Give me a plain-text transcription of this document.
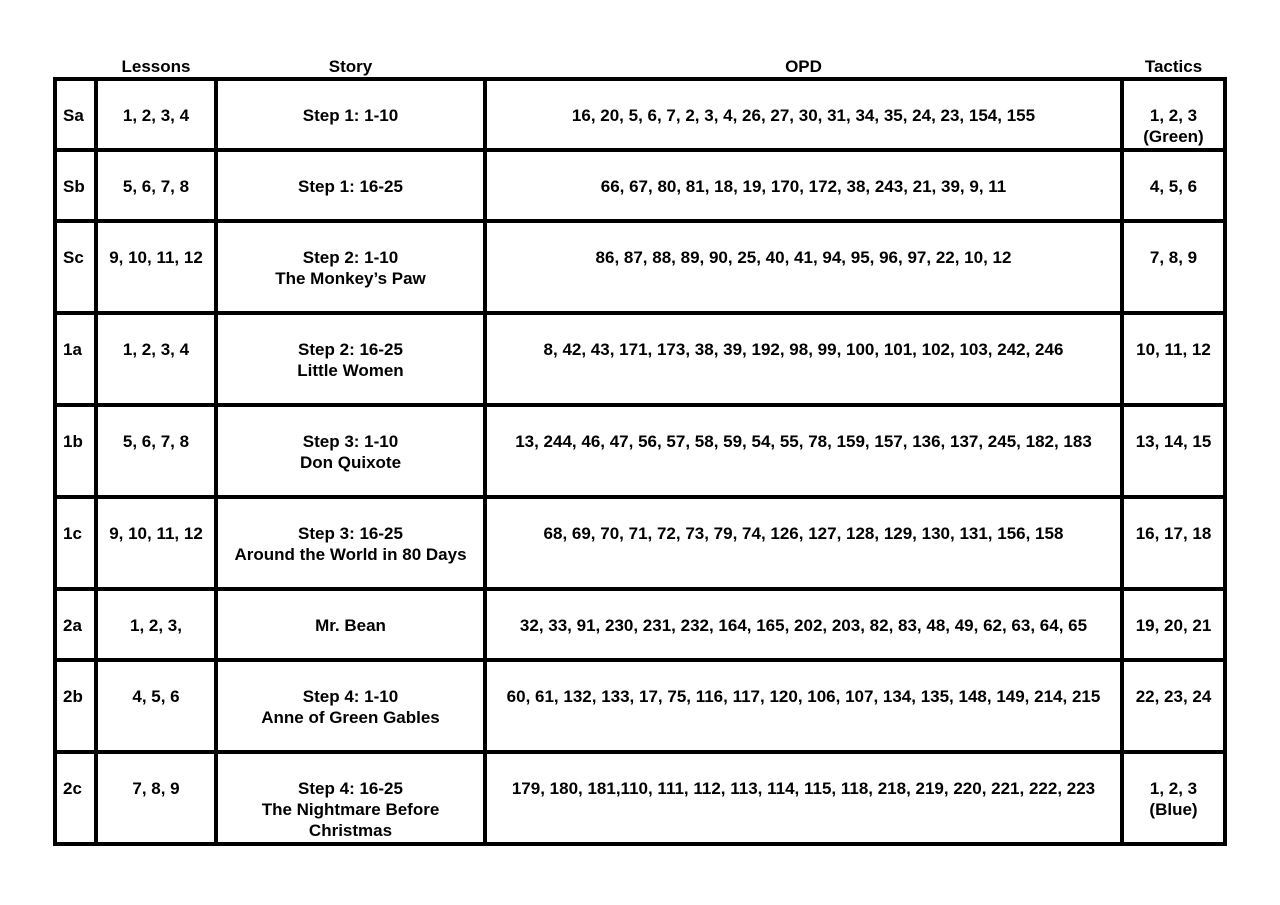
	Lessons	Story	OPD	Tactics

Sa	1, 2, 3, 4	Step 1: 1-10	16, 20, 5, 6, 7, 2, 3, 4, 26, 27, 30, 31, 34, 35, 24, 23, 154, 155	1, 2, 3
(Green)

Sb	5, 6, 7, 8	Step 1: 16-25	66, 67, 80, 81, 18, 19, 170, 172, 38, 243, 21, 39, 9, 11	4, 5, 6

Sc	9, 10, 11, 12	Step 2: 1-10
The Monkey’s Paw	86, 87, 88, 89, 90, 25, 40, 41, 94, 95, 96, 97, 22, 10, 12	7, 8, 9

1a	1, 2, 3, 4	Step 2: 16-25
Little Women	8, 42, 43, 171, 173, 38, 39, 192, 98, 99, 100, 101, 102, 103, 242, 246	10, 11, 12

1b	5, 6, 7, 8	Step 3: 1-10
Don Quixote	13, 244, 46, 47, 56, 57, 58, 59, 54, 55, 78, 159, 157, 136, 137, 245, 182, 183	13, 14, 15

1c	9, 10, 11, 12	Step 3: 16-25
Around the World in 80 Days	68, 69, 70, 71, 72, 73, 79, 74, 126, 127, 128, 129, 130, 131, 156, 158	16, 17, 18

2a	1, 2, 3,	Mr. Bean	32, 33, 91, 230, 231, 232, 164, 165, 202, 203, 82, 83, 48, 49, 62, 63, 64, 65	19, 20, 21

2b	4, 5, 6	Step 4: 1-10
Anne of Green Gables	60, 61, 132, 133, 17, 75, 116, 117, 120, 106, 107, 134, 135, 148, 149, 214, 215	22, 23, 24

2c	7, 8, 9	Step 4: 16-25
The Nightmare Before
Christmas	179, 180, 181,110, 111, 112, 113, 114, 115, 118, 218, 219, 220, 221, 222, 223	1, 2, 3
(Blue)
